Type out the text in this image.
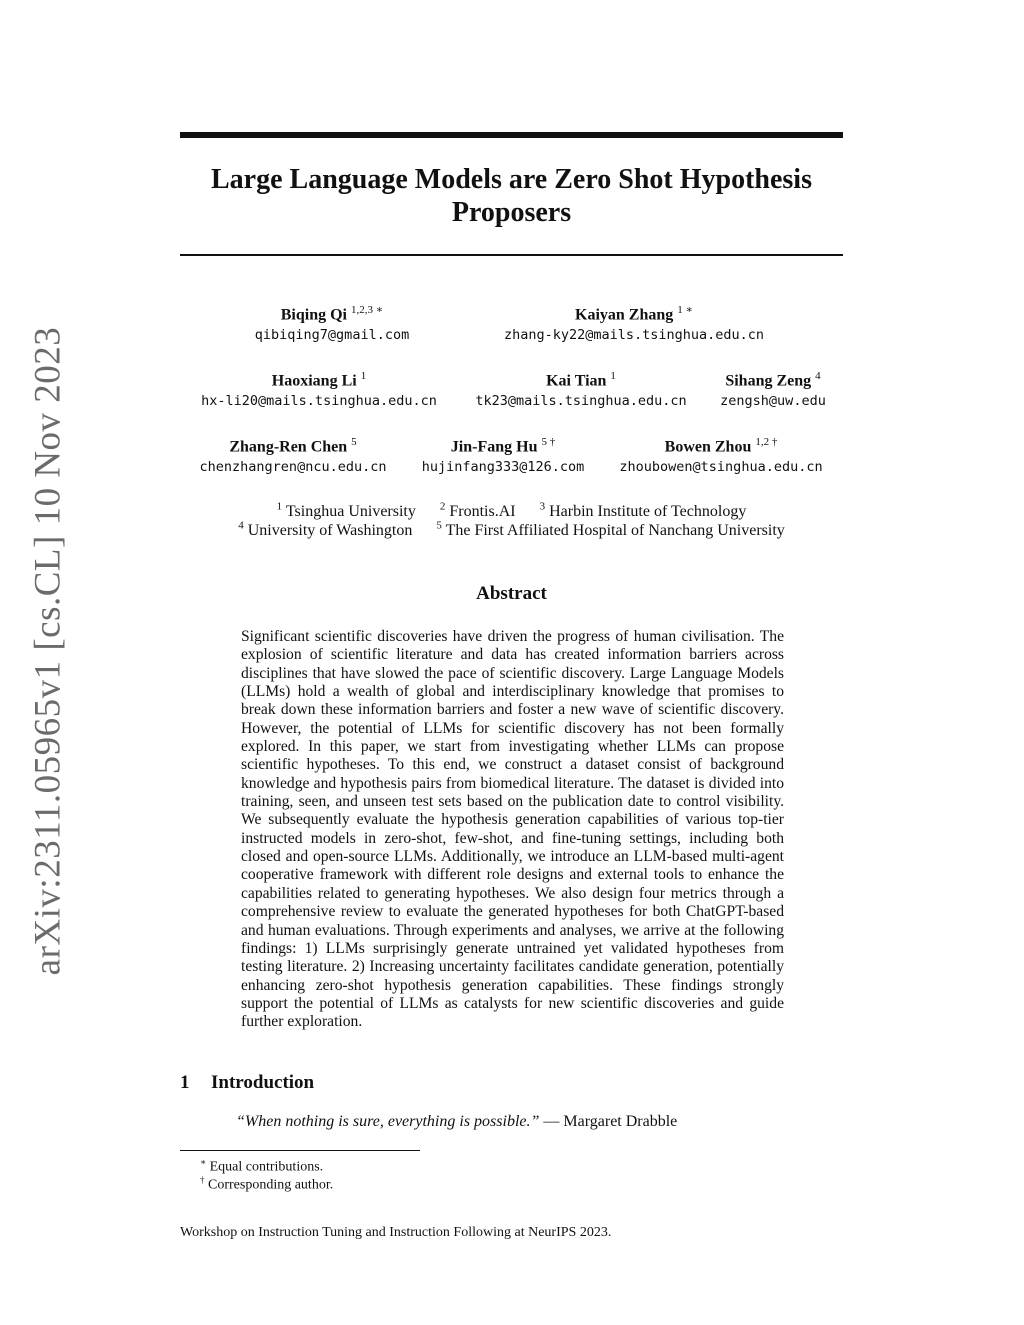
arXiv:2311.05965v1 [cs.CL] 10 Nov 2023
Large Language Models are Zero Shot Hypothesis Proposers
Biqing Qi $^{1,2,3 ∗}$
qibiqing7@gmail.com
Kaiyan Zhang $^{1 ∗}$
zhang-ky22@mails.tsinghua.edu.cn
Haoxiang Li $^1$
hx-li20@mails.tsinghua.edu.cn
Kai Tian $^1$
tk23@mails.tsinghua.edu.cn
Sihang Zeng $^4$
zengsh@uw.edu
Zhang-Ren Chen $^5$
chenzhangren@ncu.edu.cn
Jin-Fang Hu $^{5 \dagger}$
hujinfang333@126.com
Bowen Zhou $^{1,2 \dagger}$
zhoubowen@tsinghua.edu.cn
$^1$ Tsinghua University $^2$ Frontis.AI $^3$ Harbin Institute of Technology
$^4$ University of Washington $^5$ The First Affiliated Hospital of Nanchang University
Abstract

Significant scientific discoveries have driven the progress of human civilisation. The explosion of scientific literature and data has created information barriers across disciplines that have slowed the pace of scientific discovery. Large Language Models (LLMs) hold a wealth of global and interdisciplinary knowledge that promises to break down these information barriers and foster a new wave of scientific discovery. However, the potential of LLMs for scientific discovery has not been formally explored. In this paper, we start from investigating whether LLMs can propose scientific hypotheses. To this end, we construct a dataset consist of background knowledge and hypothesis pairs from biomedical literature. The dataset is divided into training, seen, and unseen test sets based on the publication date to control visibility. We subsequently evaluate the hypothesis generation capabilities of various top-tier instructed models in zero-shot, few-shot, and fine-tuning settings, including both closed and open-source LLMs. Additionally, we introduce an LLM-based multi-agent cooperative framework with different role designs and external tools to enhance the capabilities related to generating hypotheses. We also design four metrics through a comprehensive review to evaluate the generated hypotheses for both ChatGPT-based and human evaluations. Through experiments and analyses, we arrive at the following findings: 1) LLMs surprisingly generate untrained yet validated hypotheses from testing literature. 2) Increasing uncertainty facilitates candidate generation, potentially enhancing zero-shot hypothesis generation capabilities. These findings strongly support the potential of LLMs as catalysts for new scientific discoveries and guide further exploration.

1 Introduction
“When nothing is sure, everything is possible.” — Margaret Drabble
∗ Equal contributions.
† Corresponding author.
Workshop on Instruction Tuning and Instruction Following at NeurIPS 2023.
